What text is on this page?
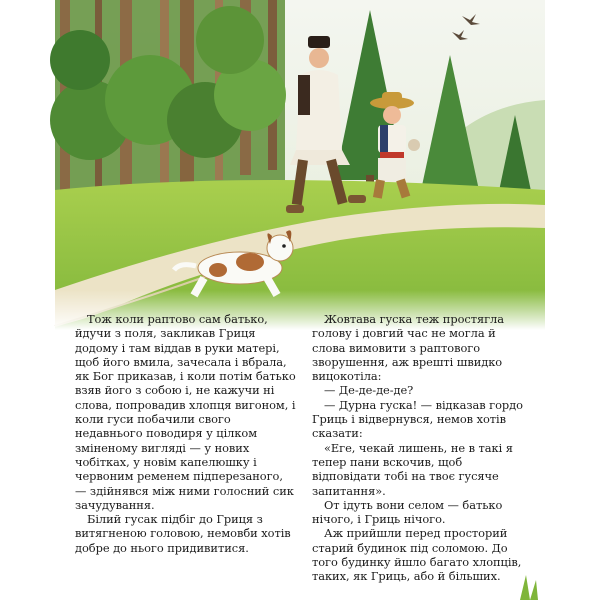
Тож коли раптово сам батько, йдучи з поля, закликав Гриця додому і там віддав в руки матері, щоб його вмила, зачесала і вбрала, як Бог приказав, і коли потім батько взяв його з собою і, не кажучи ні слова, попровадив хлопця вигоном, і коли гуси побачили свого недавнього поводиря у цілком зміненому вигляді — у нових чобітках, у новім капелюшку і червоним ременем підперезаного, — здійнявся між ними голосний сик зачудування.

Білий гусак підбіг до Гриця з витягненою головою, немовби хотів добре до нього придивитися.

Жовтава гуска теж простягла голову і довгий час не могла й слова вимовити з раптового зворушення, аж врешті швидко вицокотіла:

— Де-де-де-де?

— Дурна гуска! — відказав гордо Гриць і відвернувся, немов хотів сказати:

«Еге, чекай лишень, не в такі я тепер пани вскочив, щоб відповідати тобі на твоє гусяче запитання».

От ідуть вони селом — батько нічого, і Гриць нічого.

Аж прийшли перед просторий старий будинок під соломою. До того будинку йшло багато хлопців, таких, як Гриць, або й більших.
